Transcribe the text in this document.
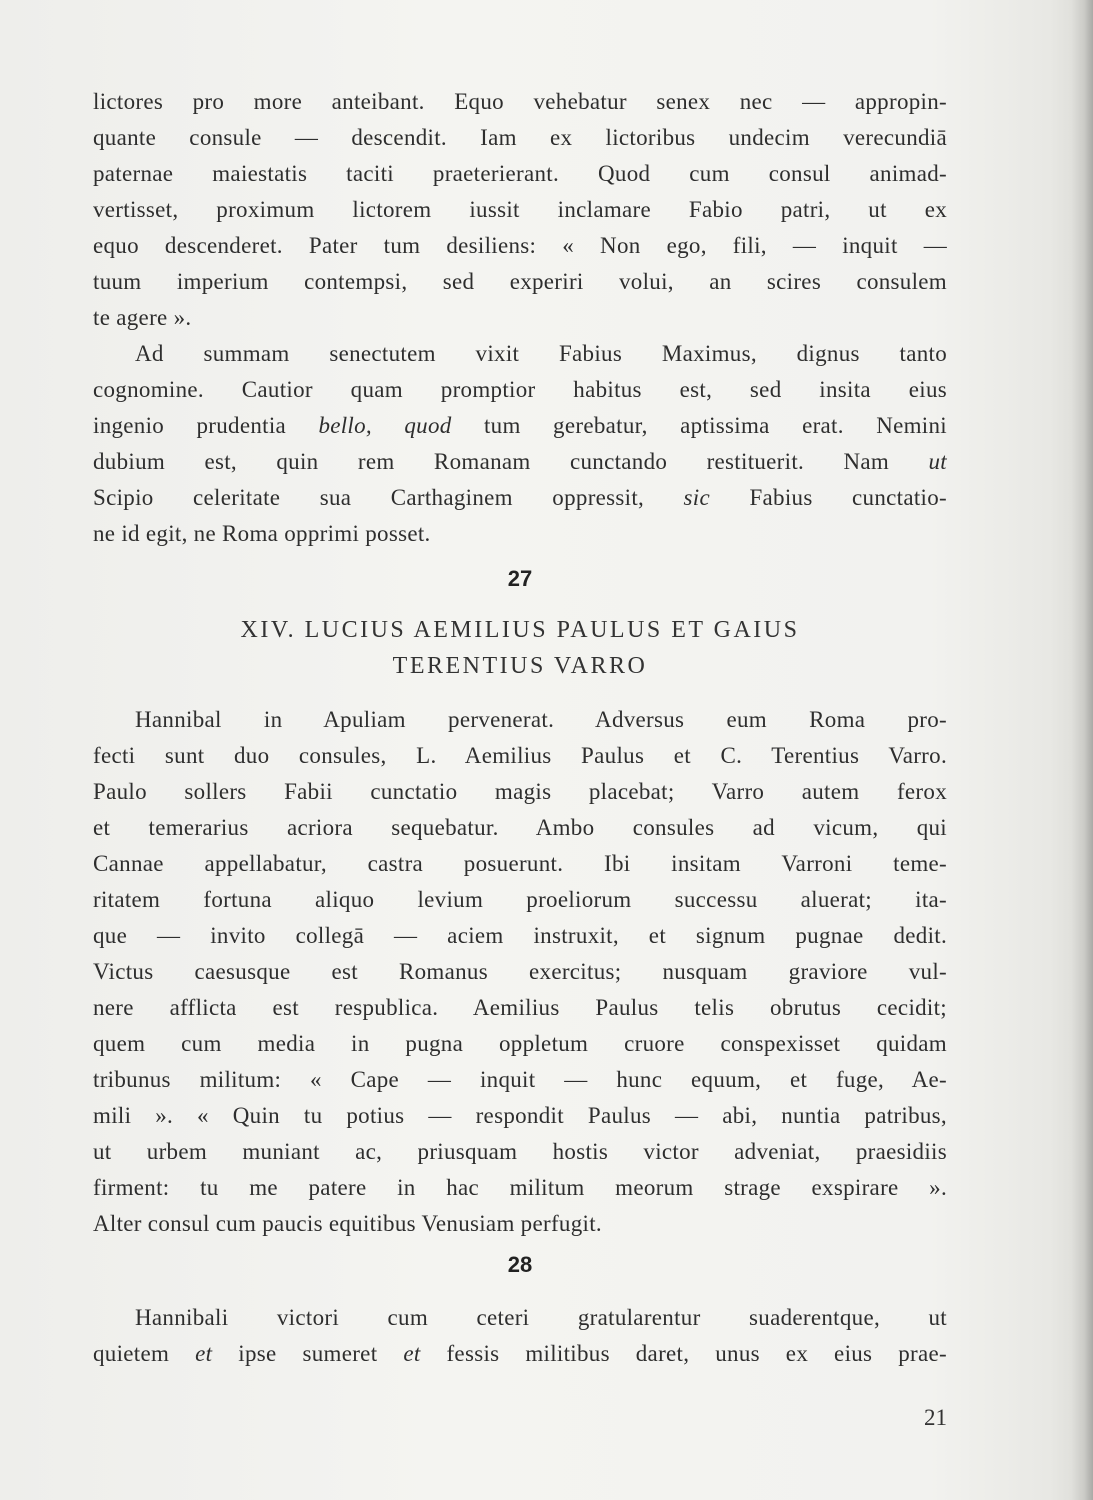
lictores pro more anteibant. Equo vehebatur senex nec — appropin-
quante consule — descendit. Iam ex lictoribus undecim verecundiā
paternae maiestatis taciti praeterierant. Quod cum consul animad-
vertisset, proximum lictorem iussit inclamare Fabio patri, ut ex
equo descenderet. Pater tum desiliens: « Non ego, fili, — inquit —
tuum imperium contempsi, sed experiri volui, an scires consulem
te agere ».
Ad summam senectutem vixit Fabius Maximus, dignus tanto
cognomine. Cautior quam promptior habitus est, sed insita eius
ingenio prudentia bello, quod tum gerebatur, aptissima erat. Nemini
dubium est, quin rem Romanam cunctando restituerit. Nam ut
Scipio celeritate sua Carthaginem oppressit, sic Fabius cunctatio-
ne id egit, ne Roma opprimi posset.
27
XIV. LUCIUS AEMILIUS PAULUS ET GAIUS
TERENTIUS VARRO
Hannibal in Apuliam pervenerat. Adversus eum Roma pro-
fecti sunt duo consules, L. Aemilius Paulus et C. Terentius Varro.
Paulo sollers Fabii cunctatio magis placebat; Varro autem ferox
et temerarius acriora sequebatur. Ambo consules ad vicum, qui
Cannae appellabatur, castra posuerunt. Ibi insitam Varroni teme-
ritatem fortuna aliquo levium proeliorum successu aluerat; ita-
que — invito collegā — aciem instruxit, et signum pugnae dedit.
Victus caesusque est Romanus exercitus; nusquam graviore vul-
nere afflicta est respublica. Aemilius Paulus telis obrutus cecidit;
quem cum media in pugna oppletum cruore conspexisset quidam
tribunus militum: « Cape — inquit — hunc equum, et fuge, Ae-
mili ». « Quin tu potius — respondit Paulus — abi, nuntia patribus,
ut urbem muniant ac, priusquam hostis victor adveniat, praesidiis
firment: tu me patere in hac militum meorum strage exspirare ».
Alter consul cum paucis equitibus Venusiam perfugit.
28
Hannibali victori cum ceteri gratularentur suaderentque, ut
quietem et ipse sumeret et fessis militibus daret, unus ex eius prae-
21
